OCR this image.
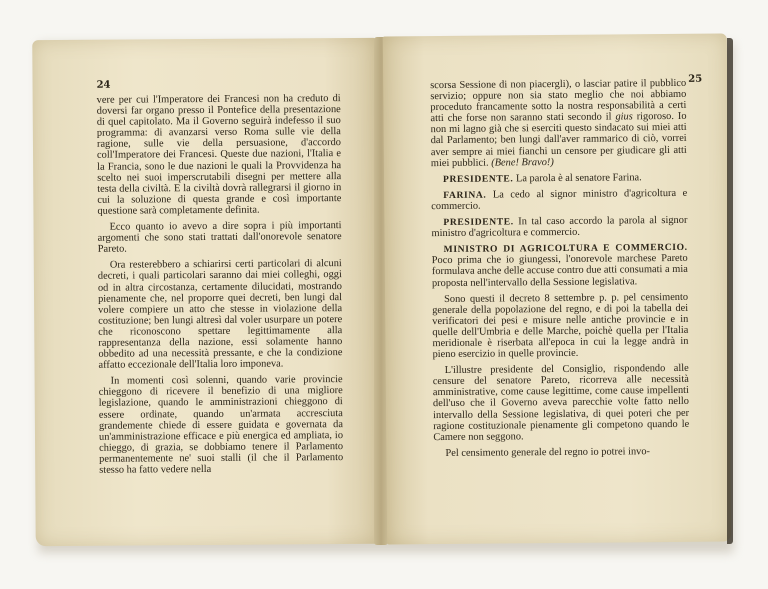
24

vere per cui l'Imperatore dei Francesi non ha creduto di doversi far organo presso il Pontefice della presentazione di quel capitolato. Ma il Governo seguirà indefesso il suo programma: di avanzarsi verso Roma sulle vie della ragione, sulle vie della persuasione, d'accordo coll'Imperatore dei Francesi. Queste due nazioni, l'Italia e la Francia, sono le due nazioni le quali la Provvidenza ha scelto nei suoi imperscrutabili disegni per mettere alla testa della civiltà. E la civiltà dovrà rallegrarsi il giorno in cui la soluzione di questa grande e così importante questione sarà completamente definita.

Ecco quanto io avevo a dire sopra i più importanti argomenti che sono stati trattati dall'onorevole senatore Pareto.

Ora resterebbero a schiarirsi certi particolari di alcuni decreti, i quali particolari saranno dai miei colleghi, oggi od in altra circostanza, certamente dilucidati, mostrando pienamente che, nel proporre quei decreti, ben lungi dal volere compiere un atto che stesse in violazione della costituzione; ben lungi altresì dal voler usurpare un potere che riconoscono spettare legittimamente alla rappresentanza della nazione, essi solamente hanno obbedito ad una necessità pressante, e che la condizione affatto eccezionale dell'Italia loro imponeva.

In momenti così solenni, quando varie provincie chieggono di ricevere il benefizio di una migliore legislazione, quando le amministrazioni chieggono di essere ordinate, quando un'armata accresciuta grandemente chiede di essere guidata e governata da un'amministrazione efficace e più energica ed ampliata, io chieggo, di grazia, se dobbiamo tenere il Parlamento permanentemente ne' suoi stalli (il che il Parlamento stesso ha fatto vedere nella

25

scorsa Sessione di non piacergli), o lasciar patire il pubblico servizio; oppure non sia stato meglio che noi abbiamo proceduto francamente sotto la nostra responsabilità a certi atti che forse non saranno stati secondo il gius rigoroso. Io non mi lagno già che si eserciti questo sindacato sui miei atti dal Parlamento; ben lungi dall'aver rammarico di ciò, vorrei aver sempre ai miei fianchi un censore per giudicare gli atti miei pubblici. (Bene! Bravo!)

PRESIDENTE. La parola è al senatore Farina.

FARINA. La cedo al signor ministro d'agricoltura e commercio.

PRESIDENTE. In tal caso accordo la parola al signor ministro d'agricoltura e commercio.

MINISTRO DI AGRICOLTURA E COMMERCIO. Poco prima che io giungessi, l'onorevole marchese Pareto formulava anche delle accuse contro due atti consumati a mia proposta nell'intervallo della Sessione legislativa.

Sono questi il decreto 8 settembre p. p. pel censimento generale della popolazione del regno, e di poi la tabella dei verificatori dei pesi e misure nelle antiche provincie e in quelle dell'Umbria e delle Marche, poichè quella per l'Italia meridionale è riserbata all'epoca in cui la legge andrà in pieno esercizio in quelle provincie.

L'illustre presidente del Consiglio, rispondendo alle censure del senatore Pareto, ricorreva alle necessità amministrative, come cause legittime, come cause impellenti dell'uso che il Governo aveva parecchie volte fatto nello intervallo della Sessione legislativa, di quei poteri che per ragione costituzionale pienamente gli competono quando le Camere non seggono.

Pel censimento generale del regno io potrei invo-
